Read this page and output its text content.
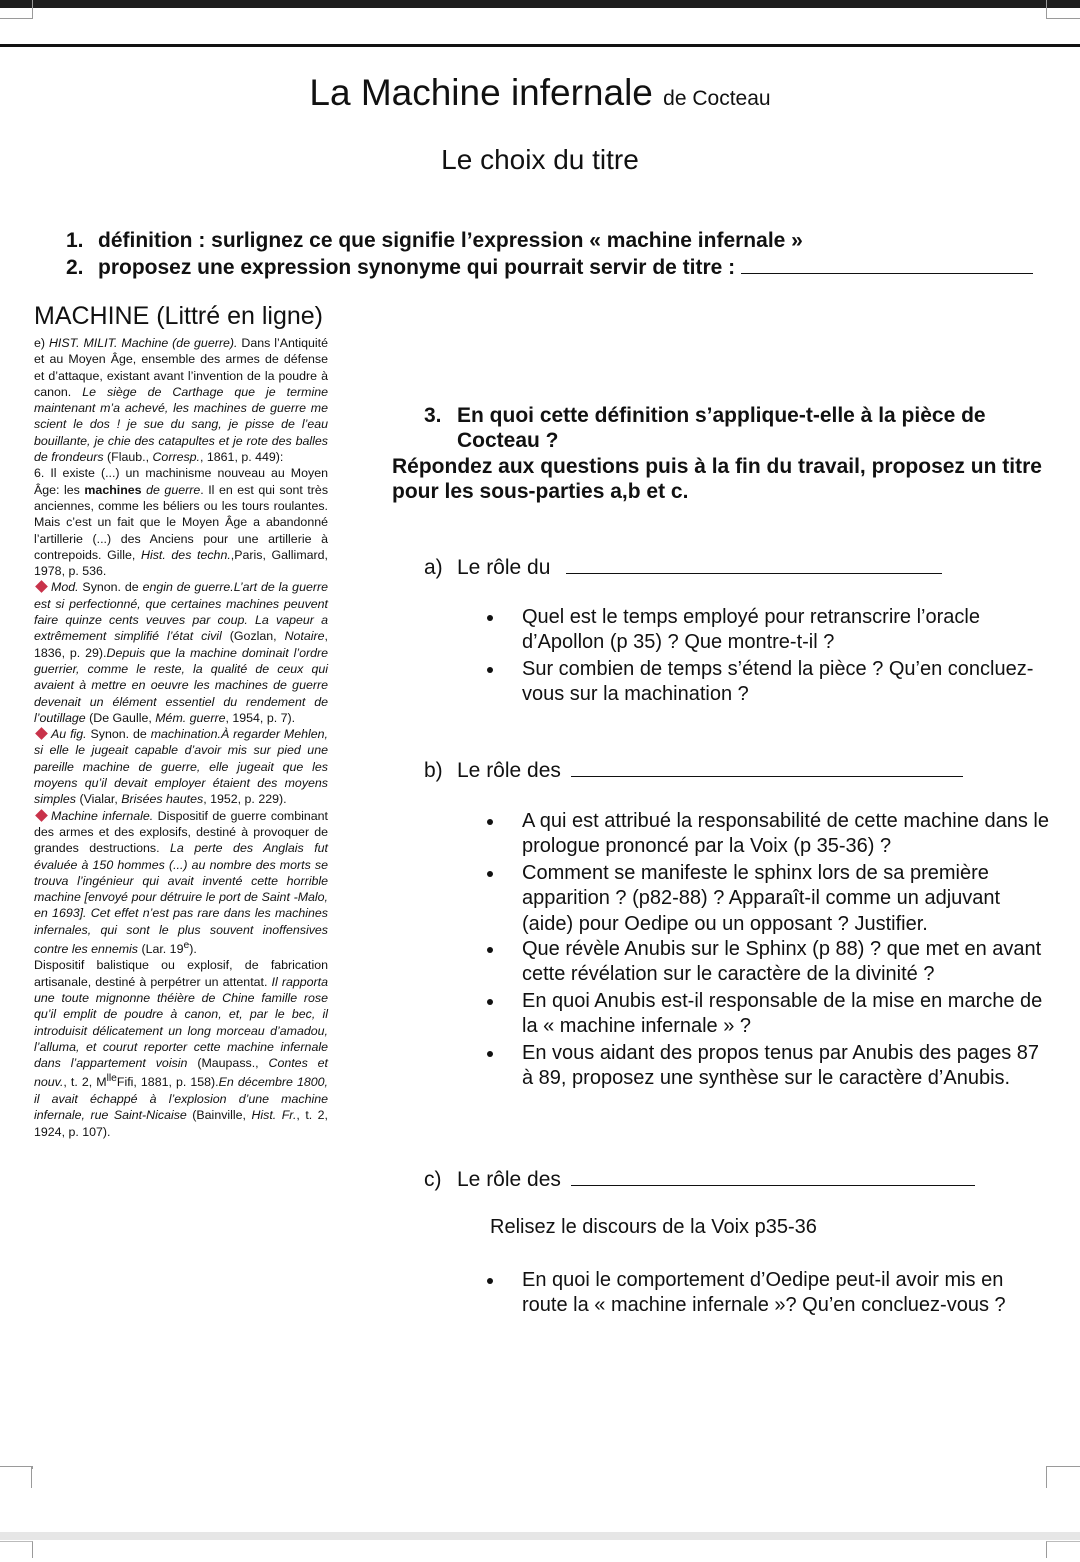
La Machine infernale de Cocteau
Le choix du titre
1. définition : surlignez ce que signifie l’expression « machine infernale »
2. proposez une expression synonyme qui pourrait servir de titre :
MACHINE (Littré en ligne)
e) HIST. MILIT. Machine (de guerre). Dans l’Antiquité et au Moyen Âge, ensemble des armes de défense et d’attaque, existant avant l’invention de la poudre à canon. Le siège de Carthage que je termine maintenant m’a achevé, les machines de guerre me scient le dos ! je sue du sang, je pisse de l’eau bouillante, je chie des catapultes et je rote des balles de frondeurs (Flaub., Corresp., 1861, p. 449):
6. Il existe (...) un machinisme nouveau au Moyen Âge: les machines de guerre. Il en est qui sont très anciennes, comme les béliers ou les tours roulantes. Mais c’est un fait que le Moyen Âge a abandonné l’artillerie (...) des Anciens pour une artillerie à contrepoids. Gille, Hist. des techn.,Paris, Gallimard, 1978, p. 536.
Mod. Synon. de engin de guerre.L’art de la guerre est si perfectionné, que certaines machines peuvent faire quinze cents veuves par coup. La vapeur a extrêmement simplifié l’état civil (Gozlan, Notaire, 1836, p. 29).Depuis que la machine dominait l’ordre guerrier, comme le reste, la qualité de ceux qui avaient à mettre en oeuvre les machines de guerre devenait un élément essentiel du rendement de l’outillage (De Gaulle, Mém. guerre, 1954, p. 7).
Au fig. Synon. de machination.À regarder Mehlen, si elle le jugeait capable d’avoir mis sur pied une pareille machine de guerre, elle jugeait que les moyens qu’il devait employer étaient des moyens simples (Vialar, Brisées hautes, 1952, p. 229).
Machine infernale. Dispositif de guerre combinant des armes et des explosifs, destiné à provoquer de grandes destructions. La perte des Anglais fut évaluée à 150 hommes (...) au nombre des morts se trouva l’ingénieur qui avait inventé cette horrible machine [envoyé pour détruire le port de Saint -Malo, en 1693]. Cet effet n’est pas rare dans les machines infernales, qui sont le plus souvent inoffensives contre les ennemis (Lar. 19e).
Dispositif balistique ou explosif, de fabrication artisanale, destiné à perpétrer un attentat. Il rapporta une toute mignonne théière de Chine famille rose qu’il emplit de poudre à canon, et, par le bec, il introduisit délicatement un long morceau d’amadou, l’alluma, et courut reporter cette machine infernale dans l’appartement voisin (Maupass., Contes et nouv., t. 2, $M^{lle}Fifi$, 1881, p. 158).En décembre 1800, il avait échappé à l’explosion d’une machine infernale, rue Saint-Nicaise (Bainville, Hist. Fr., t. 2, 1924, p. 107).
3. En quoi cette définition s’applique-t-elle à la pièce de
Cocteau ?
Répondez aux questions puis à la fin du travail, proposez un titre pour les sous-parties a,b et c.
a) Le rôle du
Quel est le temps employé pour retranscrire l’oracle d’Apollon (p 35) ? Que montre-t-il ?
Sur combien de temps s’étend la pièce ? Qu’en concluez-vous sur la machination ?
b) Le rôle des
A qui est attribué la responsabilité de cette machine dans le prologue prononcé par la Voix (p 35-36) ?
Comment se manifeste le sphinx lors de sa première apparition ? (p82-88) ? Apparaît-il comme un adjuvant (aide) pour Oedipe ou un opposant ? Justifier.
Que révèle Anubis sur le Sphinx (p 88) ? que met en avant cette révélation sur le caractère de la divinité ?
En quoi Anubis est-il responsable de la mise en marche de la « machine infernale » ?
En vous aidant des propos tenus par Anubis des pages 87 à 89, proposez une synthèse sur le caractère d’Anubis.
c) Le rôle des
Relisez le discours de la Voix p35-36
En quoi le comportement d’Oedipe peut-il avoir mis en route la « machine infernale »? Qu’en concluez-vous ?
